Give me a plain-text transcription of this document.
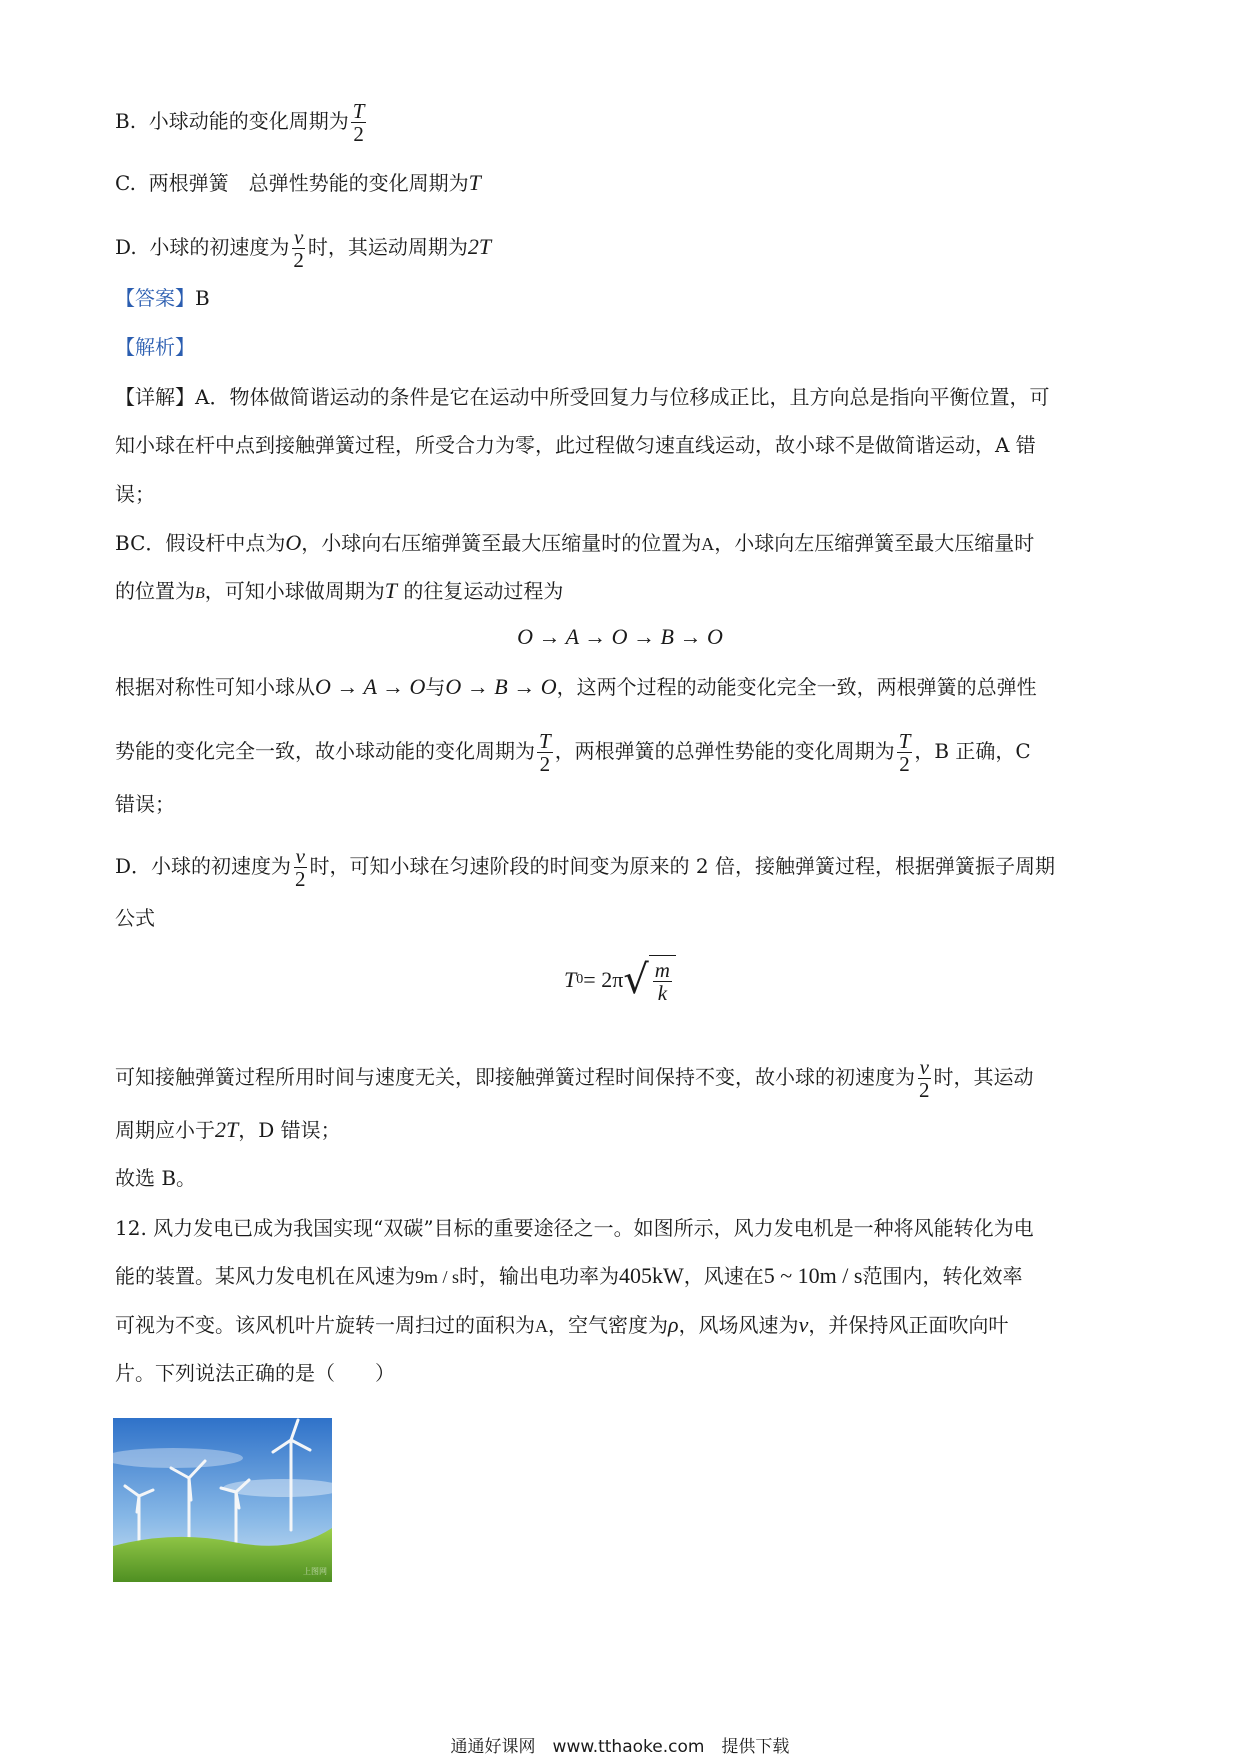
B. 小球动能的变化周期为 $\frac{T}{2}$
C. 两根弹簧　总弹性势能的变化周期为T
D. 小球的初速度为 $\frac{v}{2}$ 时，其运动周期为2T
【答案】B
【解析】
【详解】A．物体做简谐运动的条件是它在运动中所受回复力与位移成正比，且方向总是指向平衡位置，可
知小球在杆中点到接触弹簧过程，所受合力为零，此过程做匀速直线运动，故小球不是做简谐运动，A 错
误；
BC．假设杆中点为O，小球向右压缩弹簧至最大压缩量时的位置为A，小球向左压缩弹簧至最大压缩量时
的位置为B，可知小球做周期为T 的往复运动过程为
O → A → O → B → O
根据对称性可知小球从O → A → O与O → B → O，这两个过程的动能变化完全一致，两根弹簧的总弹性
势能的变化完全一致，故小球动能的变化周期为 $\frac{T}{2}$ ，两根弹簧的总弹性势能的变化周期为 $\frac{T}{2}$ ，B 正确，C
错误；
D．小球的初速度为 $\frac{v}{2}$ 时，可知小球在匀速阶段的时间变为原来的 2 倍，接触弹簧过程，根据弹簧振子周期
公式
T 0 = 2π √ $\frac{m}{k}$
可知接触弹簧过程所用时间与速度无关，即接触弹簧过程时间保持不变，故小球的初速度为 $\frac{v}{2}$ 时，其运动
周期应小于2T，D 错误；
故选 B。
12. 风力发电已成为我国实现“双碳”目标的重要途径之一。如图所示，风力发电机是一种将风能转化为电
能的装置。某风力发电机在风速为9m / s时，输出电功率为405kW，风速在5 ~ 10m / s范围内，转化效率
可视为不变。该风机叶片旋转一周扫过的面积为A，空气密度为ρ，风场风速为v，并保持风正面吹向叶
片。下列说法正确的是（　　）
上图网
通通好课网　www.tthaoke.com　提供下载
